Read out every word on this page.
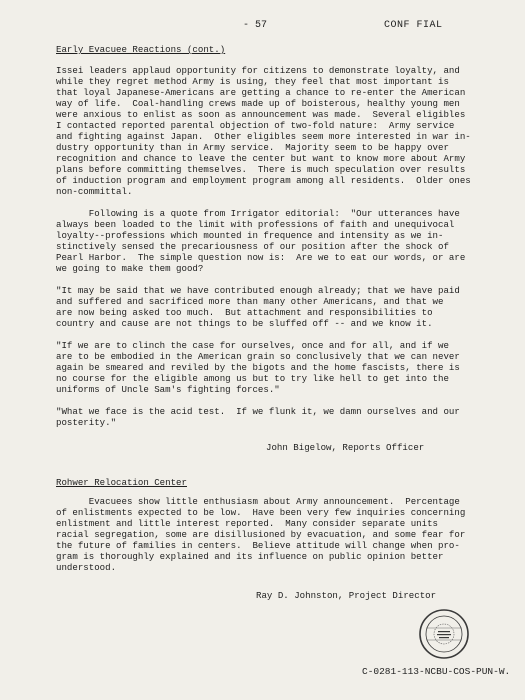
- 57	CONF FIAL
Early Evacuee Reactions (cont.)
Issei leaders applaud opportunity for citizens to demonstrate loyalty, and
while they regret method Army is using, they feel that most important is
that loyal Japanese-Americans are getting a chance to re-enter the American
way of life.  Coal-handling crews made up of boisterous, healthy young men
were anxious to enlist as soon as announcement was made.  Several eligibles
I contacted reported parental objection of two-fold nature:  Army service
and fighting against Japan.  Other eligibles seem more interested in war in-
dustry opportunity than in Army service.  Majority seem to be happy over
recognition and chance to leave the center but want to know more about Army
plans before committing themselves.  There is much speculation over results
of induction program and employment program among all residents.  Older ones
non-committal.
Following is a quote from Irrigator editorial:  "Our utterances have
always been loaded to the limit with professions of faith and unequivocal
loyalty--professions which mounted in frequence and intensity as we in-
stinctively sensed the precariousness of our position after the shock of
Pearl Harbor.  The simple question now is:  Are we to eat our words, or are
we going to make them good?
"It may be said that we have contributed enough already; that we have paid
and suffered and sacrificed more than many other Americans, and that we
are now being asked too much.  But attachment and responsibilities to
country and cause are not things to be sluffed off -- and we know it.
"If we are to clinch the case for ourselves, once and for all, and if we
are to be embodied in the American grain so conclusively that we can never
again be smeared and reviled by the bigots and the home fascists, there is
no course for the eligible among us but to try like hell to get into the
uniforms of Uncle Sam's fighting forces."
"What we face is the acid test.  If we flunk it, we damn ourselves and our
posterity."
John Bigelow, Reports Officer
Rohwer Relocation Center
Evacuees show little enthusiasm about Army announcement.  Percentage
of enlistments expected to be low.  Have been very few inquiries concerning
enlistment and little interest reported.  Many consider separate units
racial segregation, some are disillusioned by evacuation, and some fear for
the future of families in centers.  Believe attitude will change when pro-
gram is thoroughly explained and its influence on public opinion better
understood.
Ray D. Johnston, Project Director
C-0281-113-NCBU-COS-PUN-W.
